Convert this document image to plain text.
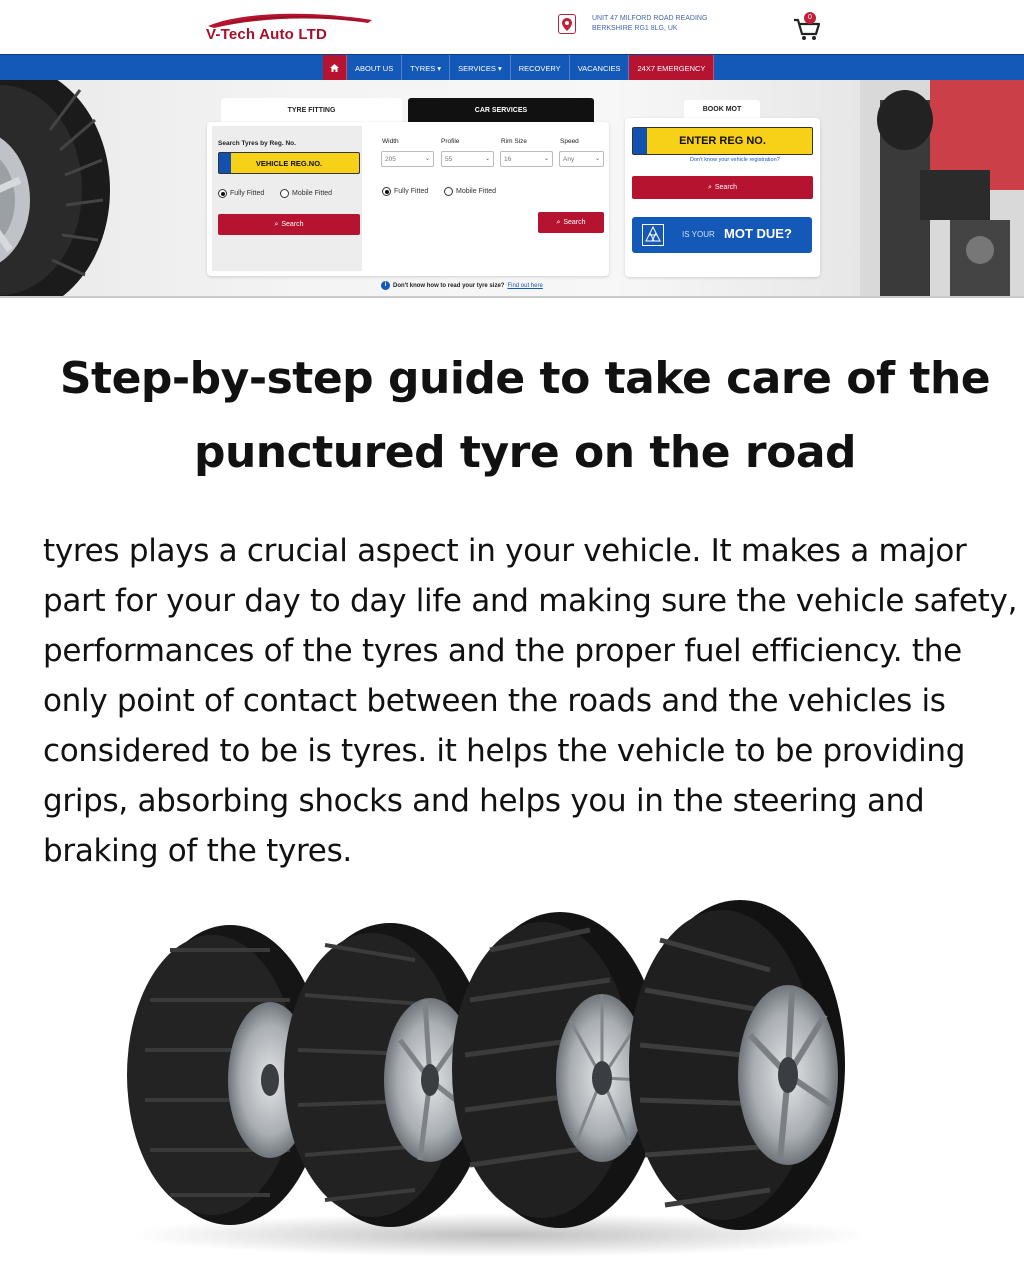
V-Tech Auto LTD
UNIT 47 MILFORD ROAD READING BERKSHIRE RG1 8LG, UK
0
ABOUT US	TYRES ▾	SERVICES ▾	RECOVERY	VACANCIES	24X7 EMERGENCY
TYRE FITTING	CAR SERVICES	BOOK MOT
Search Tyres by Reg. No.
VEHICLE REG.NO.
Fully Fitted	Mobile Fitted
⌕ Search
Width	Profile	Rim Size	Speed
205	⌄ 55	⌄ 16	⌄ Any	⌄
Fully Fitted	Mobile Fitted
⌕ Search
i	Don't know how to read your tyre size? Find out here
ENTER REG NO.
Don't know your vehicle registration?
⌕ Search
IS YOUR MOT DUE?
Step-by-step guide to take care of the punctured tyre on the road

tyres plays a crucial aspect in your vehicle. It makes a major part for your day to day life and making sure the vehicle safety, performances of the tyres and the proper fuel efficiency. the only point of contact between the roads and the vehicles is considered to be is tyres. it helps the vehicle to be providing grips, absorbing shocks and helps you in the steering and braking of the tyres.
